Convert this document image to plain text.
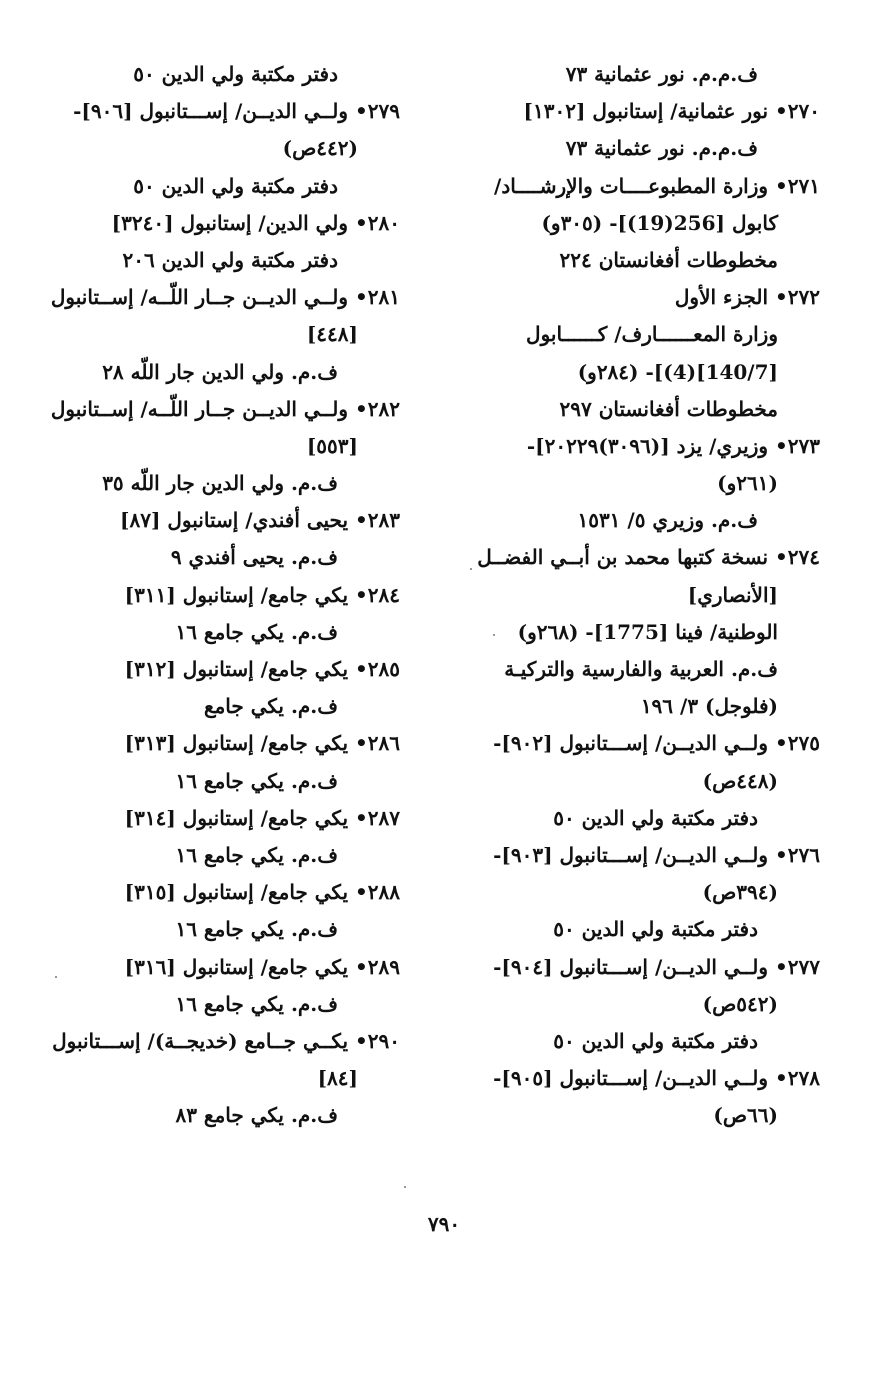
ف.م.م. نور عثمانية ٧٣
٢٧٠• نور عثمانية/ إستانبول [١٣٠٢]
ف.م.م. نور عثمانية ٧٣
٢٧١• وزارة المطبوعــــات والإرشــــاد/
كابول [256(19)]- (٣٠٥و)
مخطوطات أفغانستان ٢٢٤
٢٧٢• الجزء الأول
وزارة المعــــــارف/ كــــــابول
[140/7](4)]- (٢٨٤و)
مخطوطات أفغانستان ٢٩٧
٢٧٣• وزيري/ يزد [(٣٠٩٦)٢٠٢٢٩]-
(٢٦١و)
ف.م. وزيري ٥/ ١٥٣١
٢٧٤• نسخة كتبها محمد بن أبــي الفضــل
[الأنصاري]
الوطنية/ فينا [1775]- (٢٦٨و)
ف.م. العربية والفارسية والتركيـة
(فلوجل) ٣/ ١٩٦
٢٧٥• ولــي الديــن/ إســـتانبول [٩٠٢]-
(٤٤٨ص)
دفتر مكتبة ولي الدين ٥٠
٢٧٦• ولــي الديــن/ إســـتانبول [٩٠٣]-
(٣٩٤ص)
دفتر مكتبة ولي الدين ٥٠
٢٧٧• ولــي الديــن/ إســـتانبول [٩٠٤]-
(٥٤٢ص)
دفتر مكتبة ولي الدين ٥٠
٢٧٨• ولــي الديــن/ إســـتانبول [٩٠٥]-
(٦٦ص)
دفتر مكتبة ولي الدين ٥٠
٢٧٩• ولــي الديــن/ إســـتانبول [٩٠٦]-
(٤٤٢ص)
دفتر مكتبة ولي الدين ٥٠
٢٨٠• ولي الدين/ إستانبول [٣٢٤٠]
دفتر مكتبة ولي الدين ٢٠٦
٢٨١• ولــي الديــن جــار اللّــه/ إســتانبول
[٤٤٨]
ف.م. ولي الدين جار اللّه ٢٨
٢٨٢• ولــي الديــن جــار اللّــه/ إســتانبول
[٥٥٣]
ف.م. ولي الدين جار اللّه ٣٥
٢٨٣• يحيى أفندي/ إستانبول [٨٧]
ف.م. يحيى أفندي ٩
٢٨٤• يكي جامع/ إستانبول [٣١١]
ف.م. يكي جامع ١٦
٢٨٥• يكي جامع/ إستانبول [٣١٢]
ف.م. يكي جامع
٢٨٦• يكي جامع/ إستانبول [٣١٣]
ف.م. يكي جامع ١٦
٢٨٧• يكي جامع/ إستانبول [٣١٤]
ف.م. يكي جامع ١٦
٢٨٨• يكي جامع/ إستانبول [٣١٥]
ف.م. يكي جامع ١٦
٢٨٩• يكي جامع/ إستانبول [٣١٦]
ف.م. يكي جامع ١٦
٢٩٠• يكــي جــامع (خديجــة)/ إســـتانبول
[٨٤]
ف.م. يكي جامع ٨٣
٧٩٠
